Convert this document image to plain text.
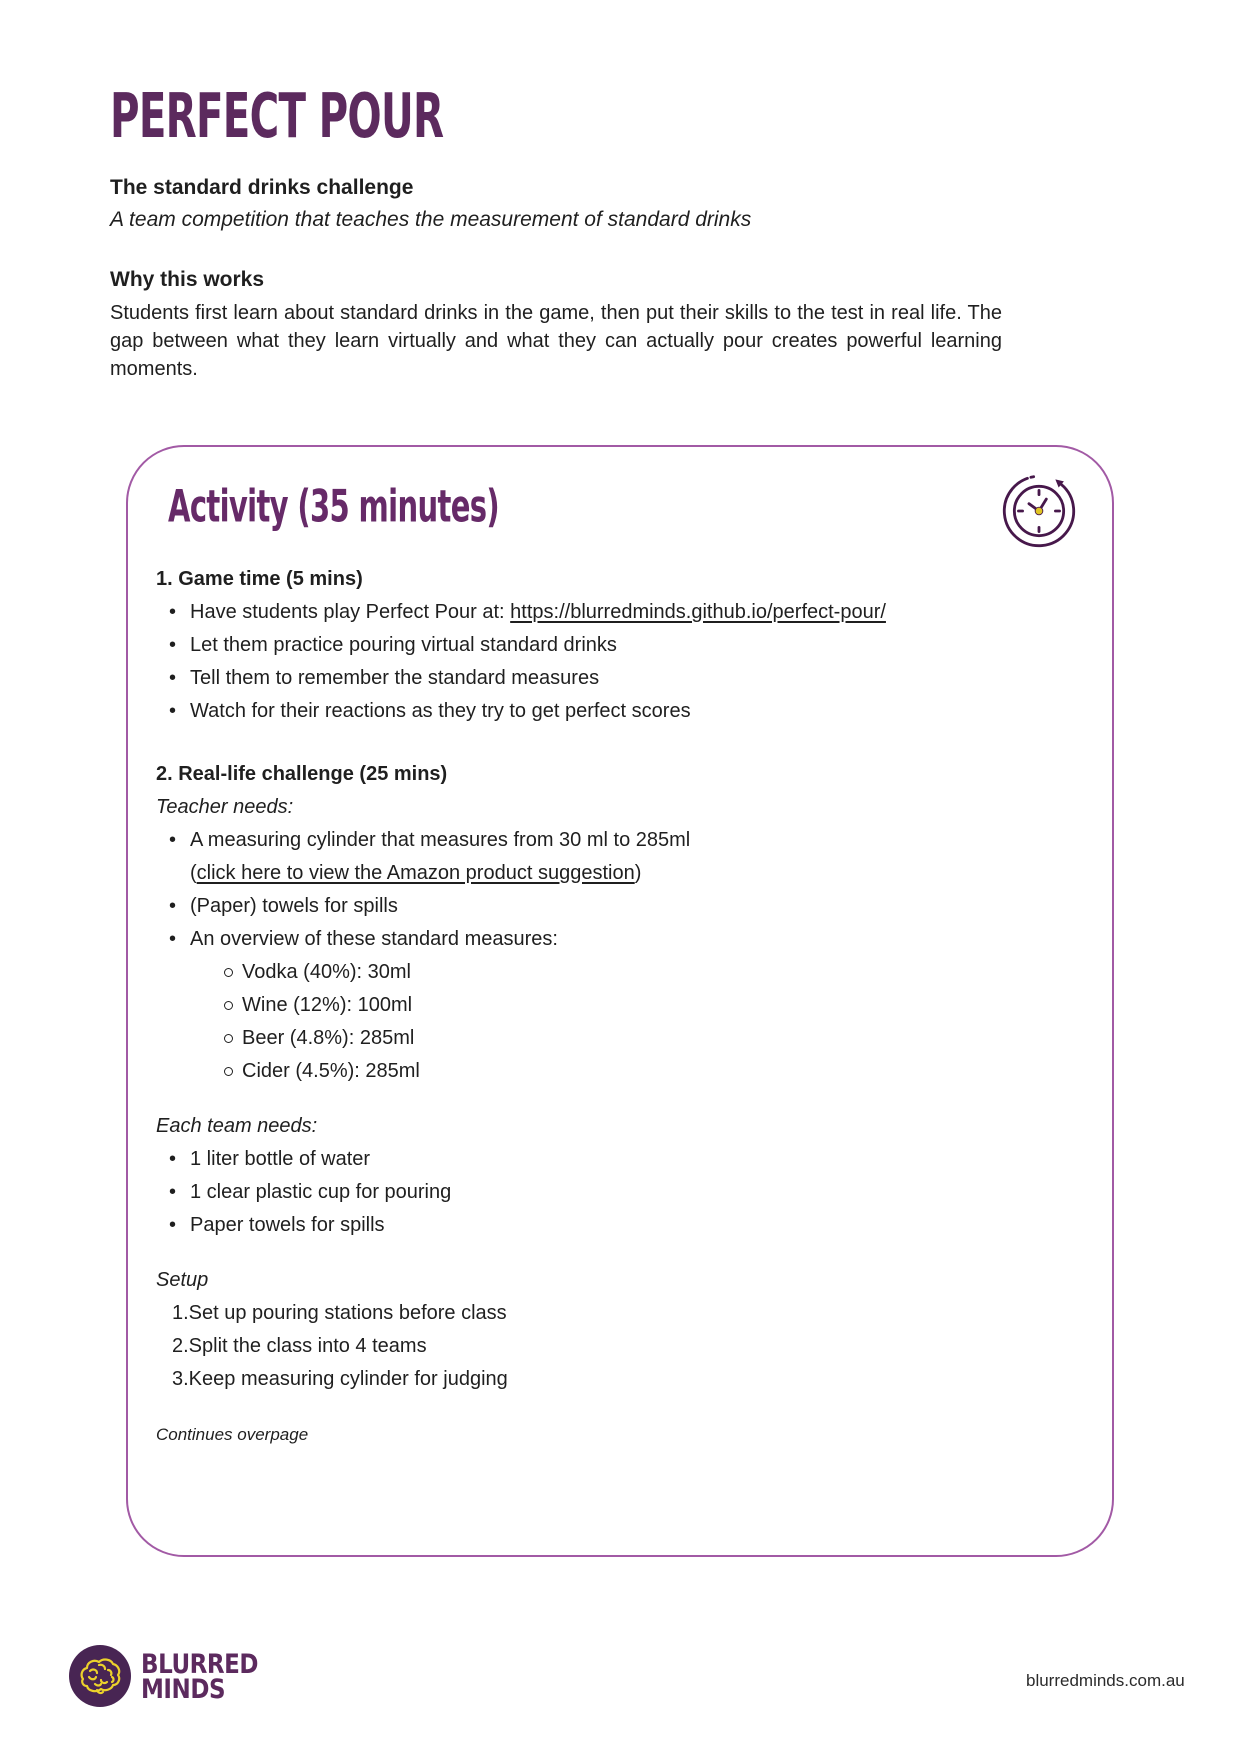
PERFECT POUR
The standard drinks challenge
A team competition that teaches the measurement of standard drinks
Why this works
Students first learn about standard drinks in the game, then put their skills to the test in real life. The gap between what they learn virtually and what they can actually pour creates powerful learning moments.
Activity (35 minutes)
1. Game time (5 mins)
• Have students play Perfect Pour at: https://blurredminds.github.io/perfect-pour/
• Let them practice pouring virtual standard drinks
• Tell them to remember the standard measures
• Watch for their reactions as they try to get perfect scores
2. Real-life challenge (25 mins)
Teacher needs:
• A measuring cylinder that measures from 30 ml to 285ml
(click here to view the Amazon product suggestion)
• (Paper) towels for spills
• An overview of these standard measures:
Vodka (40%): 30ml
Wine (12%): 100ml
Beer (4.8%): 285ml
Cider (4.5%): 285ml
Each team needs:
• 1 liter bottle of water
• 1 clear plastic cup for pouring
• Paper towels for spills
Setup
1.Set up pouring stations before class
2.Split the class into 4 teams
3.Keep measuring cylinder for judging
Continues overpage
BLURRED
MINDS	blurredminds.com.au
